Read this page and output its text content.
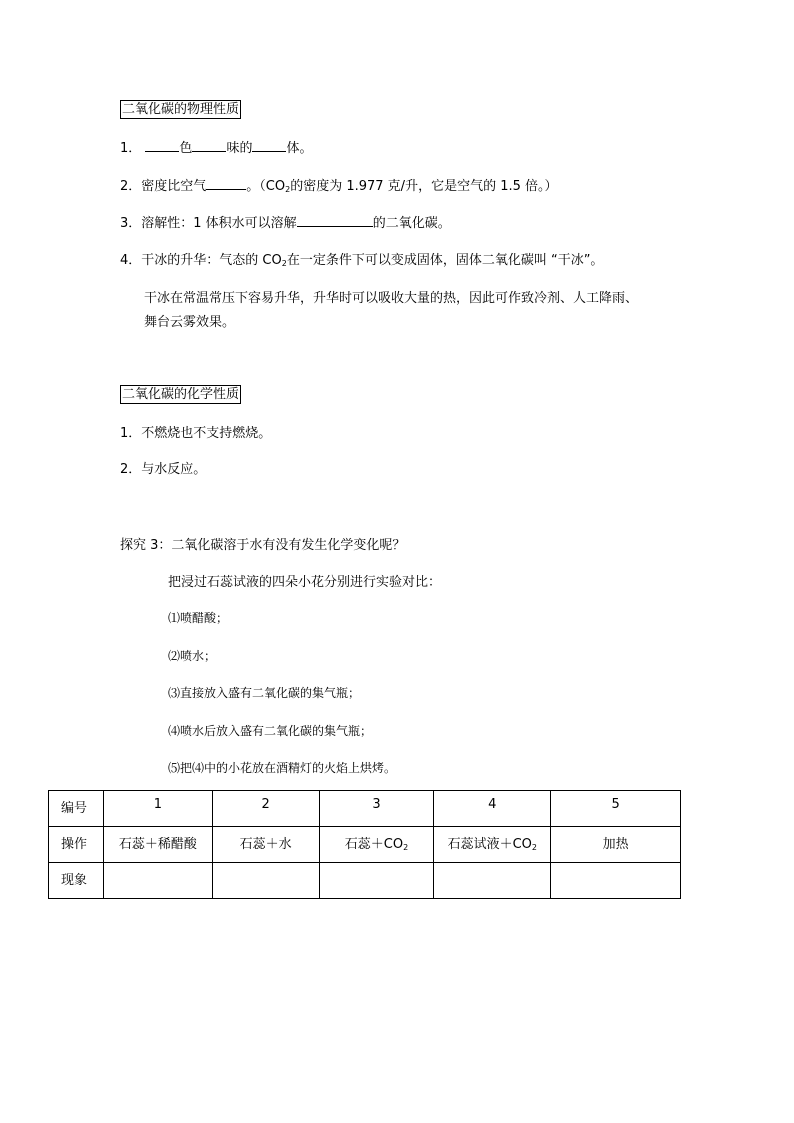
二氧化碳的物理性质
1．	色	味的	体。
2．密度比空气	。（$CO_2$的密度为 1.977 克/升，它是空气的 1.5 倍。）
3．溶解性：1 体积水可以溶解	的二氧化碳。
4．干冰的升华：气态的 $CO_2$在一定条件下可以变成固体，固体二氧化碳叫 “干冰”。
干冰在常温常压下容易升华，升华时可以吸收大量的热，因此可作致冷剂、人工降雨、
舞台云雾效果。
二氧化碳的化学性质
1．不燃烧也不支持燃烧。
2．与水反应。
探究 3：二氧化碳溶于水有没有发生化学变化呢？
把浸过石蕊试液的四朵小花分别进行实验对比：
⑴喷醋酸；
⑵喷水；
⑶直接放入盛有二氧化碳的集气瓶；
⑷喷水后放入盛有二氧化碳的集气瓶；
⑸把⑷中的小花放在酒精灯的火焰上烘烤。
编号	1	2	3	4	5
操作	石蕊＋稀醋酸	石蕊＋水	石蕊$+CO_2$	石蕊试液$+CO_2$	加热
现象					
